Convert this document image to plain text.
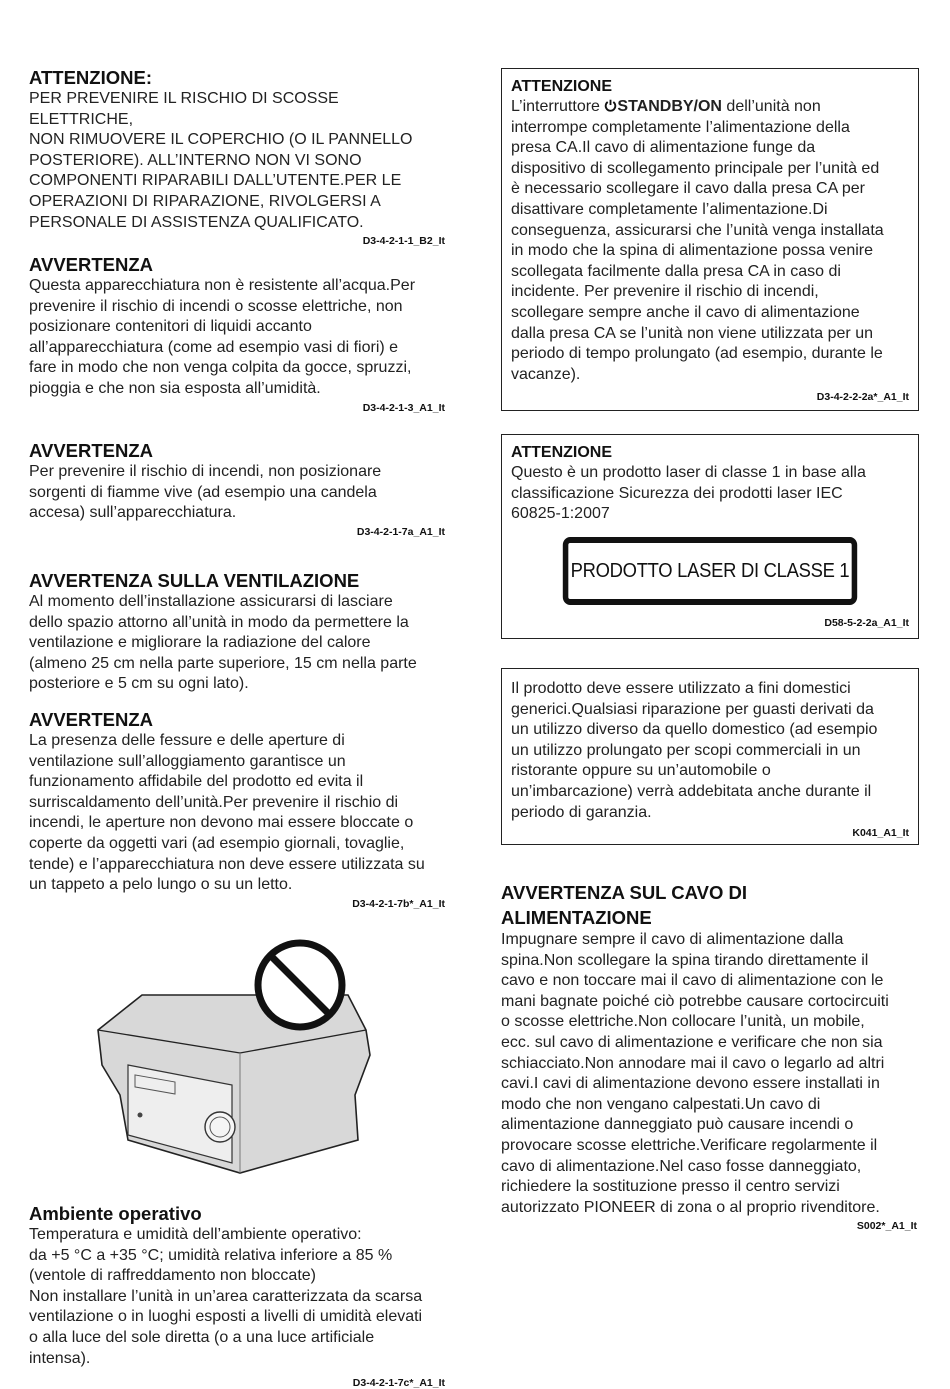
ATTENZIONE:

PER PREVENIRE IL RISCHIO DI SCOSSE ELETTRICHE,
NON RIMUOVERE IL COPERCHIO (O IL PANNELLO
POSTERIORE). ALL’INTERNO NON VI SONO
COMPONENTI RIPARABILI DALL’UTENTE.PER LE
OPERAZIONI DI RIPARAZIONE, RIVOLGERSI A
PERSONALE DI ASSISTENZA QUALIFICATO.

D3-4-2-1-1_B2_It

AVVERTENZA

Questa apparecchiatura non è resistente all’acqua.Per
prevenire il rischio di incendi o scosse elettriche, non
posizionare contenitori di liquidi accanto
all’apparecchiatura (come ad esempio vasi di fiori) e
fare in modo che non venga colpita da gocce, spruzzi,
pioggia e che non sia esposta all’umidità.

D3-4-2-1-3_A1_It

AVVERTENZA

Per prevenire il rischio di incendi, non posizionare
sorgenti di fiamme vive (ad esempio una candela
accesa) sull’apparecchiatura.

D3-4-2-1-7a_A1_It

AVVERTENZA SULLA VENTILAZIONE

Al momento dell’installazione assicurarsi di lasciare
dello spazio attorno all’unità in modo da permettere la
ventilazione e migliorare la radiazione del calore
(almeno 25 cm nella parte superiore, 15 cm nella parte
posteriore e 5 cm su ogni lato).

AVVERTENZA

La presenza delle fessure e delle aperture di
ventilazione sull’alloggiamento garantisce un
funzionamento affidabile del prodotto ed evita il
surriscaldamento dell’unità.Per prevenire il rischio di
incendi, le aperture non devono mai essere bloccate o
coperte da oggetti vari (ad esempio giornali, tovaglie,
tende) e l’apparecchiatura non deve essere utilizzata su
un tappeto a pelo lungo o su un letto.

D3-4-2-1-7b*_A1_It

Ambiente operativo

Temperatura e umidità dell’ambiente operativo:
da +5 °C a +35 °C; umidità relativa inferiore a 85 %
(ventole di raffreddamento non bloccate)
Non installare l’unità in un’area caratterizzata da scarsa
ventilazione o in luoghi esposti a livelli di umidità elevati
o alla luce del sole diretta (o a una luce artificiale
intensa).

D3-4-2-1-7c*_A1_It

ATTENZIONE

L’interruttore STANDBY/ON dell’unità non
interrompe completamente l’alimentazione della
presa CA.Il cavo di alimentazione funge da
dispositivo di scollegamento principale per l’unità ed
è necessario scollegare il cavo dalla presa CA per
disattivare completamente l’alimentazione.Di
conseguenza, assicurarsi che l’unità venga installata
in modo che la spina di alimentazione possa venire
scollegata facilmente dalla presa CA in caso di
incidente. Per prevenire il rischio di incendi,
scollegare sempre anche il cavo di alimentazione
dalla presa CA se l’unità non viene utilizzata per un
periodo di tempo prolungato (ad esempio, durante le
vacanze).

D3-4-2-2-2a*_A1_It

ATTENZIONE

Questo è un prodotto laser di classe 1 in base alla
classificazione Sicurezza dei prodotti laser IEC
60825-1:2007

PRODOTTO LASER DI CLASSE 1
D58-5-2-2a_A1_It

Il prodotto deve essere utilizzato a fini domestici
generici.Qualsiasi riparazione per guasti derivati da
un utilizzo diverso da quello domestico (ad esempio
un utilizzo prolungato per scopi commerciali in un
ristorante oppure su un’automobile o
un’imbarcazione) verrà addebitata anche durante il
periodo di garanzia.

K041_A1_It

AVVERTENZA SUL CAVO DI
ALIMENTAZIONE

Impugnare sempre il cavo di alimentazione dalla
spina.Non scollegare la spina tirando direttamente il
cavo e non toccare mai il cavo di alimentazione con le
mani bagnate poiché ciò potrebbe causare cortocircuiti
o scosse elettriche.Non collocare l’unità, un mobile,
ecc. sul cavo di alimentazione e verificare che non sia
schiacciato.Non annodare mai il cavo o legarlo ad altri
cavi.I cavi di alimentazione devono essere installati in
modo che non vengano calpestati.Un cavo di
alimentazione danneggiato può causare incendi o
provocare scosse elettriche.Verificare regolarmente il
cavo di alimentazione.Nel caso fosse danneggiato,
richiedere la sostituzione presso il centro servizi
autorizzato PIONEER di zona o al proprio rivenditore.

S002*_A1_It
